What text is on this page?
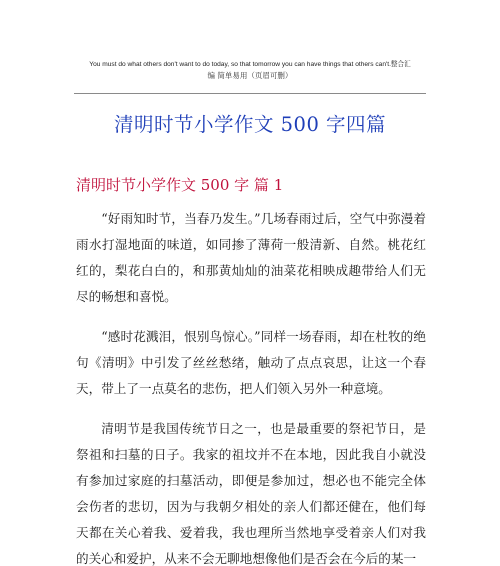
You must do what others don't want to do today, so that tomorrow you can have things that others can't.整合汇
编 简单易用（页眉可删）
清明时节小学作文 500 字四篇
清明时节小学作文 500 字 篇 1

“好雨知时节，当春乃发生。”几场春雨过后，空气中弥漫着雨水打湿地面的味道，如同掺了薄荷一般清新、自然。桃花红红的，梨花白白的，和那黄灿灿的油菜花相映成趣带给人们无尽的畅想和喜悦。

“感时花溅泪，恨别鸟惊心。”同样一场春雨，却在杜牧的绝句《清明》中引发了丝丝愁绪，触动了点点哀思，让这一个春天，带上了一点莫名的悲伤，把人们领入另外一种意境。

清明节是我国传统节日之一，也是最重要的祭祀节日，是祭祖和扫墓的日子。我家的祖坟并不在本地，因此我自小就没有参加过家庭的扫墓活动，即便是参加过，想必也不能完全体会伤者的悲切，因为与我朝夕相处的亲人们都还健在，他们每天都在关心着我、爱着我，我也理所当然地享受着亲人们对我的关心和爱护，从来不会无聊地想像他们是否会在今后的某一
